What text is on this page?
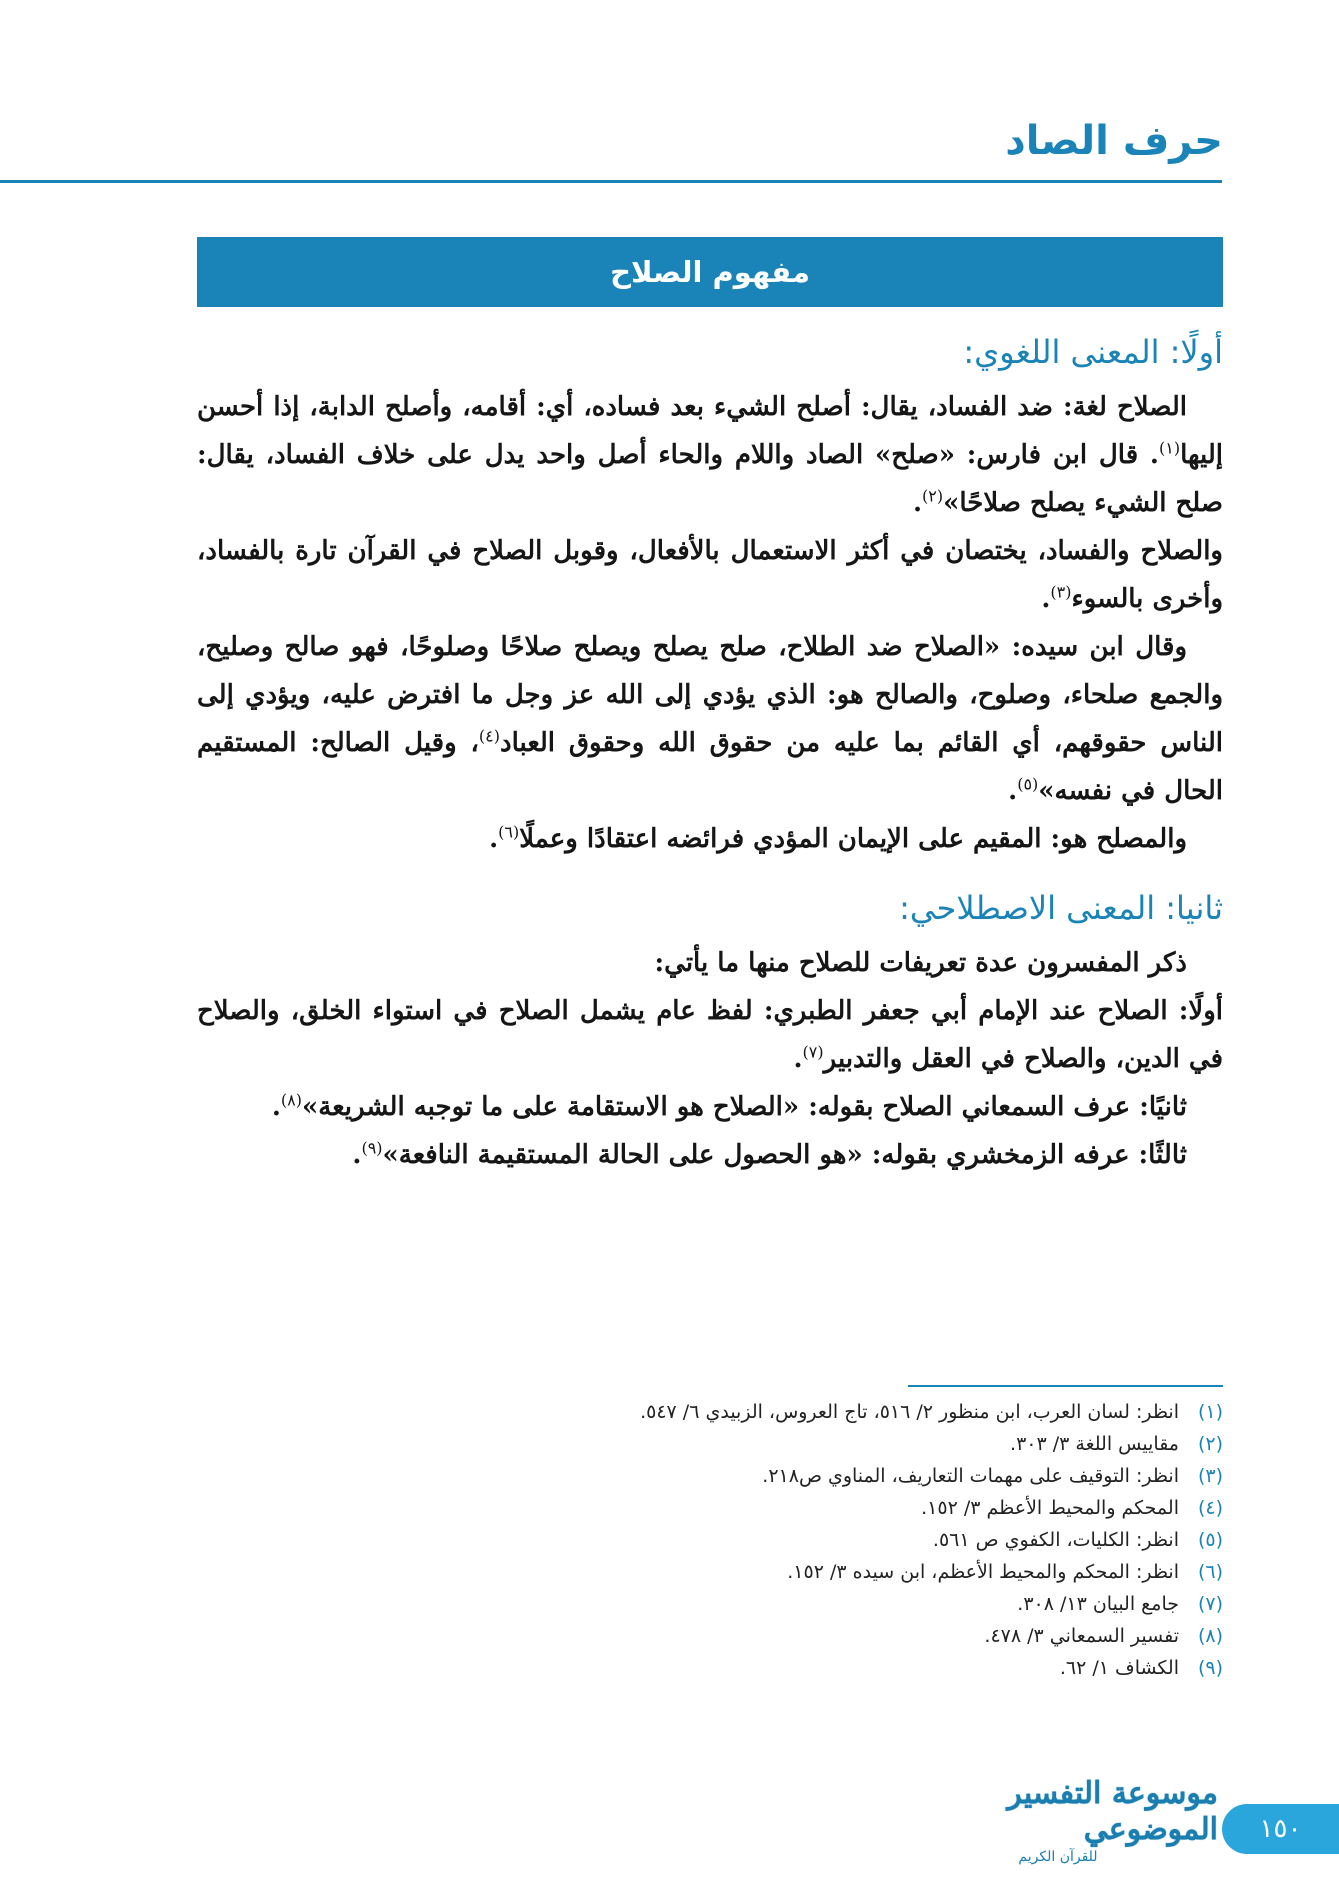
حرف الصاد
مفهوم الصلاح
أولًا: المعنى اللغوي:

الصلاح لغة: ضد الفساد، يقال: أصلح الشيء بعد فساده، أي: أقامه، وأصلح الدابة، إذا أحسن إليها$^{(١)}$. قال ابن فارس: «صلح» الصاد واللام والحاء أصل واحد يدل على خلاف الفساد، يقال: صلح الشيء يصلح صلاحًا»$^{(٢)}$.

والصلاح والفساد، يختصان في أكثر الاستعمال بالأفعال، وقوبل الصلاح في القرآن تارة بالفساد، وأخرى بالسوء$^{(٣)}$.

وقال ابن سيده: «الصلاح ضد الطلاح، صلح يصلح ويصلح صلاحًا وصلوحًا، فهو صالح وصليح، والجمع صلحاء، وصلوح، والصالح هو: الذي يؤدي إلى الله عز وجل ما افترض عليه، ويؤدي إلى الناس حقوقهم، أي القائم بما عليه من حقوق الله وحقوق العباد$^{(٤)}$، وقيل الصالح: المستقيم الحال في نفسه»$^{(٥)}$.

والمصلح هو: المقيم على الإيمان المؤدي فرائضه اعتقادًا وعملًا$^{(٦)}$.

ثانيا: المعنى الاصطلاحي:

ذكر المفسرون عدة تعريفات للصلاح منها ما يأتي:

أولًا: الصلاح عند الإمام أبي جعفر الطبري: لفظ عام يشمل الصلاح في استواء الخلق، والصلاح في الدين، والصلاح في العقل والتدبير$^{(٧)}$.

ثانيًا: عرف السمعاني الصلاح بقوله: «الصلاح هو الاستقامة على ما توجبه الشريعة»$^{(٨)}$.

ثالثًا: عرفه الزمخشري بقوله: «هو الحصول على الحالة المستقيمة النافعة»$^{(٩)}$.

(١)
انظر: لسان العرب، ابن منظور ٢/ ٥١٦، تاج العروس، الزبيدي ٦/ ٥٤٧.
(٢)
مقاييس اللغة ٣/ ٣٠٣.
(٣)
انظر: التوقيف على مهمات التعاريف، المناوي ص٢١٨.
(٤)
المحكم والمحيط الأعظم ٣/ ١٥٢.
(٥)
انظر: الكليات، الكفوي ص ٥٦١.
(٦)
انظر: المحكم والمحيط الأعظم، ابن سيده ٣/ ١٥٢.
(٧)
جامع البيان ١٣/ ٣٠٨.
(٨)
تفسير السمعاني ٣/ ٤٧٨.
(٩)
الكشاف ١/ ٦٢.
موسوعة التفسير الموضوعي
للقرآن الكريم
١٥٠
